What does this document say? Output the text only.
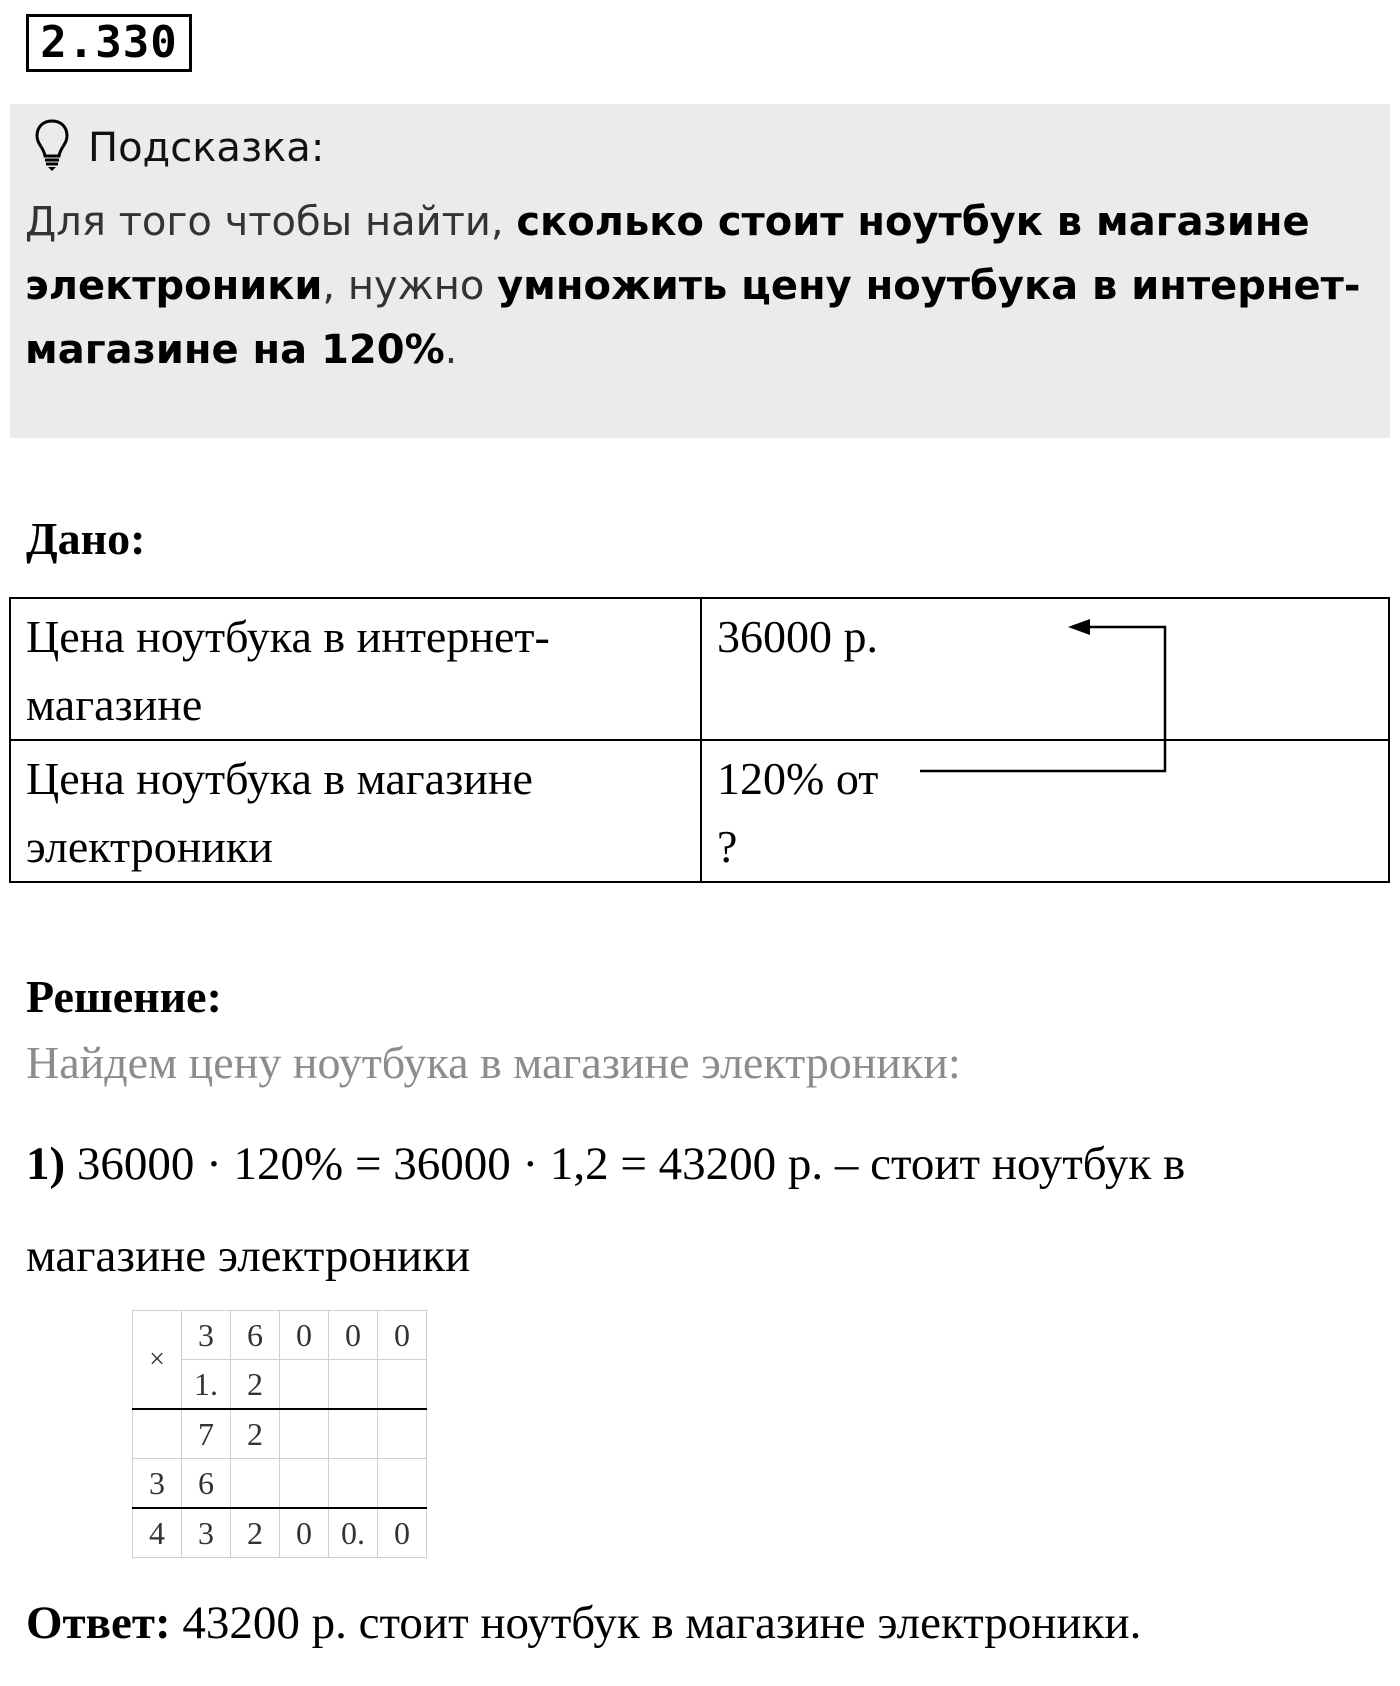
2.330
Подсказка:
Для того чтобы найти, сколько стоит ноутбук в магазине электроники, нужно умножить цену ноутбука в интернет-магазине на 120%.
Дано:
Цена ноутбука в интернет-магазине	36000 р.
Цена ноутбука в магазине электроники	120% от
?
Решение:
Найдем цену ноутбука в магазине электроники:
1) 36000 · 120% = 36000 · 1,2 = 43200 р. – стоит ноутбук в магазине электроники
×	3	6	0	0	0
	1.	2			
	7	2			
3	6				
4	3	2	0	0.	0
Ответ: 43200 р. стоит ноутбук в магазине электроники.
